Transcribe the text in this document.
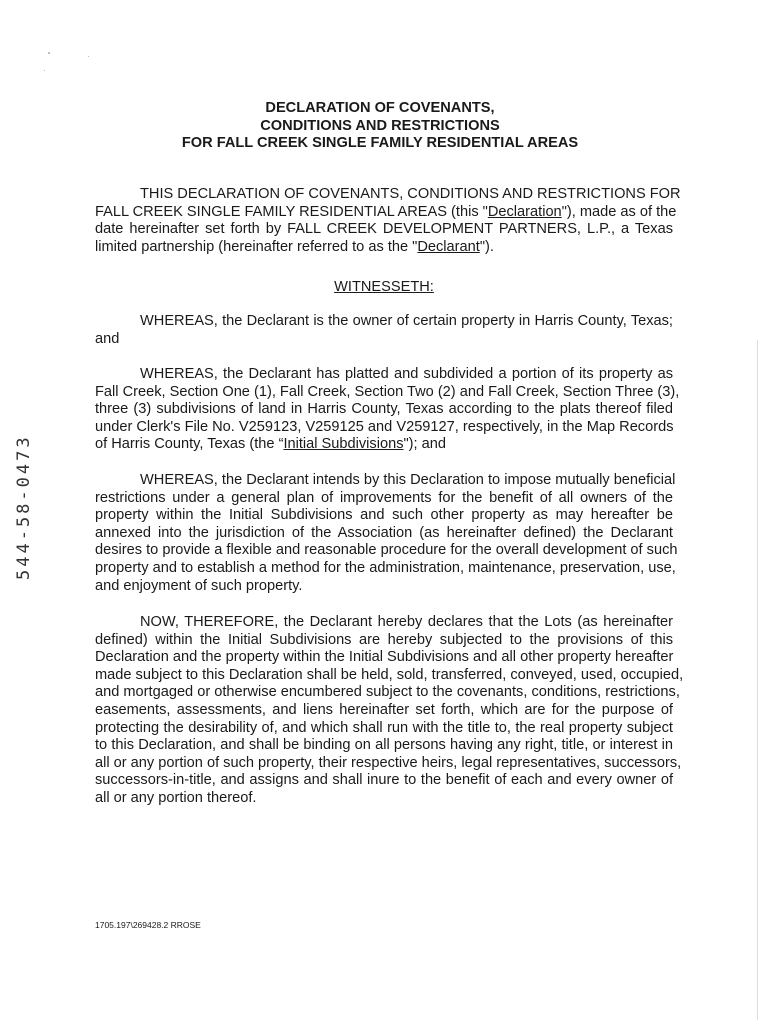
544-58-0473
DECLARATION OF COVENANTS,
CONDITIONS AND RESTRICTIONS
FOR FALL CREEK SINGLE FAMILY RESIDENTIAL AREAS
THIS DECLARATION OF COVENANTS, CONDITIONS AND RESTRICTIONS FOR
FALL CREEK SINGLE FAMILY RESIDENTIAL AREAS (this "Declaration"), made as of the
date hereinafter set forth by FALL CREEK DEVELOPMENT PARTNERS, L.P., a Texas
limited partnership (hereinafter referred to as the "Declarant").
WITNESSETH:
WHEREAS, the Declarant is the owner of certain property in Harris County, Texas;
and
WHEREAS, the Declarant has platted and subdivided a portion of its property as
Fall Creek, Section One (1), Fall Creek, Section Two (2) and Fall Creek, Section Three (3),
three (3) subdivisions of land in Harris County, Texas according to the plats thereof filed
under Clerk's File No. V259123, V259125 and V259127, respectively, in the Map Records
of Harris County, Texas (the “Initial Subdivisions"); and
WHEREAS, the Declarant intends by this Declaration to impose mutually beneficial
restrictions under a general plan of improvements for the benefit of all owners of the
property within the Initial Subdivisions and such other property as may hereafter be
annexed into the jurisdiction of the Association (as hereinafter defined) the Declarant
desires to provide a flexible and reasonable procedure for the overall development of such
property and to establish a method for the administration, maintenance, preservation, use,
and enjoyment of such property.
NOW, THEREFORE, the Declarant hereby declares that the Lots (as hereinafter
defined) within the Initial Subdivisions are hereby subjected to the provisions of this
Declaration and the property within the Initial Subdivisions and all other property hereafter
made subject to this Declaration shall be held, sold, transferred, conveyed, used, occupied,
and mortgaged or otherwise encumbered subject to the covenants, conditions, restrictions,
easements, assessments, and liens hereinafter set forth, which are for the purpose of
protecting the desirability of, and which shall run with the title to, the real property subject
to this Declaration, and shall be binding on all persons having any right, title, or interest in
all or any portion of such property, their respective heirs, legal representatives, successors,
successors-in-title, and assigns and shall inure to the benefit of each and every owner of
all or any portion thereof.
1705.197\269428.2 RROSE
